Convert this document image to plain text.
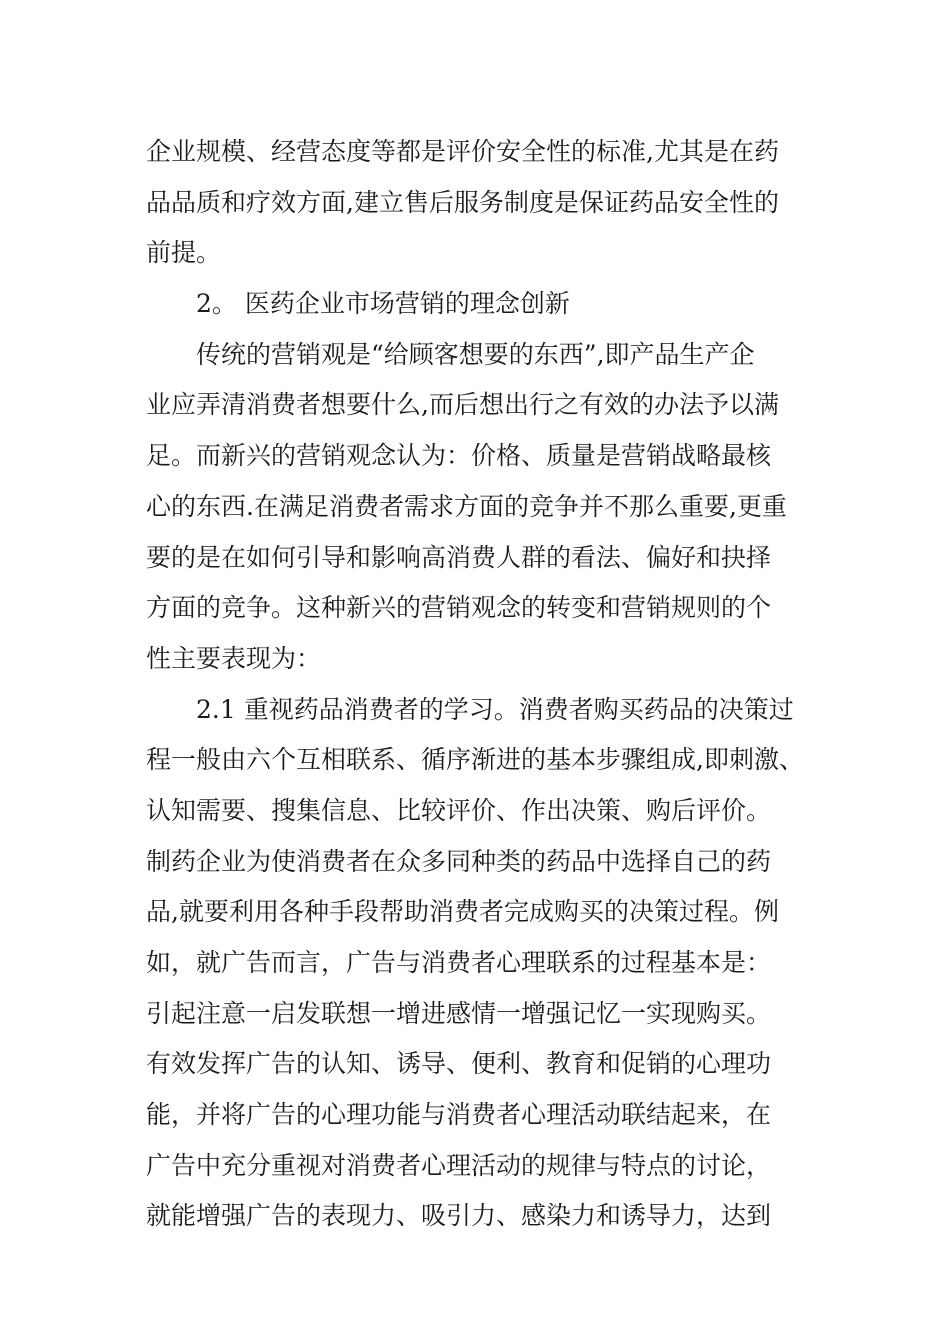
企业规模、经营态度等都是评价安全性的标准,尤其是在药
品品质和疗效方面,建立售后服务制度是保证药品安全性的
前提。
2。 医药企业市场营销的理念创新
传统的营销观是“给顾客想要的东西”,即产品生产企
业应弄清消费者想要什么,而后想出行之有效的办法予以满
足。而新兴的营销观念认为：价格、质量是营销战略最核
心的东西.在满足消费者需求方面的竞争并不那么重要,更重
要的是在如何引导和影响高消费人群的看法、偏好和抉择
方面的竞争。这种新兴的营销观念的转变和营销规则的个
性主要表现为：
2.1 重视药品消费者的学习。消费者购买药品的决策过
程一般由六个互相联系、循序渐进的基本步骤组成,即刺激、
认知需要、搜集信息、比较评价、作出决策、购后评价。
制药企业为使消费者在众多同种类的药品中选择自己的药
品,就要利用各种手段帮助消费者完成购买的决策过程。例
如，就广告而言，广告与消费者心理联系的过程基本是：
引起注意一启发联想一增进感情一增强记忆一实现购买。
有效发挥广告的认知、诱导、便利、教育和促销的心理功
能，并将广告的心理功能与消费者心理活动联结起来，在
广告中充分重视对消费者心理活动的规律与特点的讨论，
就能增强广告的表现力、吸引力、感染力和诱导力，达到
